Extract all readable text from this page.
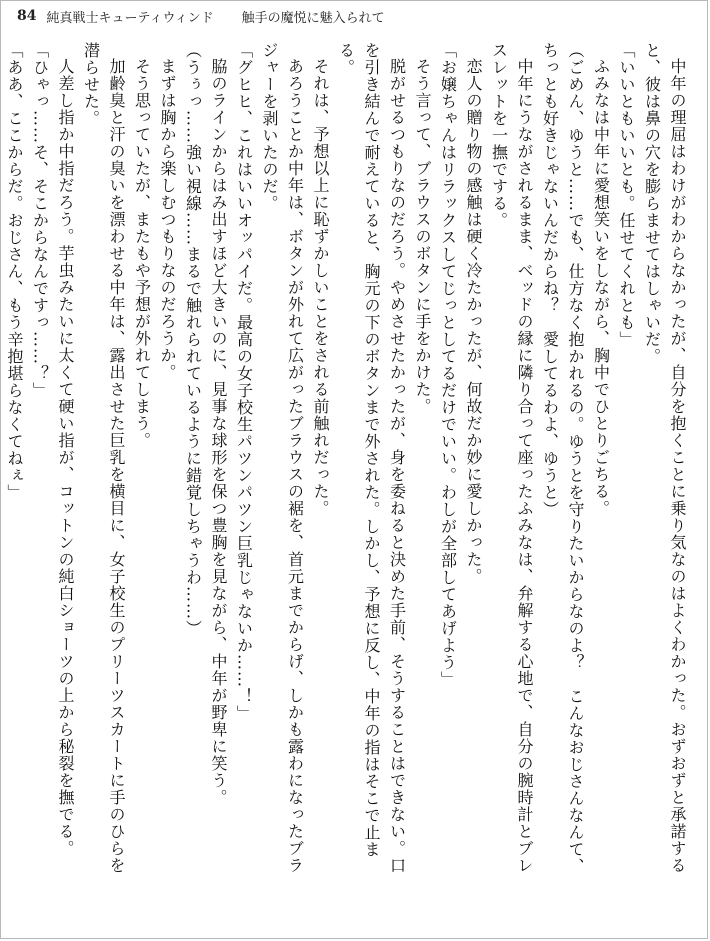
84 純真戦士キューティウィンド 触手の魔悦に魅入られて

中年の理屈はわけがわからなかったが、自分を抱くことに乗り気なのはよくわかった。おずおずと承諾すると、彼は鼻の穴を膨らませてはしゃいだ。

「いいともいいとも。任せてくれとも」

ふみなは中年に愛想笑いをしながら、胸中でひとりごちる。

（ごめん、ゆうと……でも、仕方なく抱かれるの。ゆうとを守りたいからなのよ？　こんなおじさんなんて、ちっとも好きじゃないんだからね？　愛してるわよ、ゆうと）

中年にうながされるまま、ベッドの縁に隣り合って座ったふみなは、弁解する心地で、自分の腕時計とブレスレットを一撫でする。

恋人の贈り物の感触は硬く冷たかったが、何故だか妙に愛しかった。

「お嬢ちゃんはリラックスしてじっとしてるだけでいい。わしが全部してあげよう」

そう言って、ブラウスのボタンに手をかけた。

脱がせるつもりなのだろう。やめさせたかったが、身を委ねると決めた手前、そうすることはできない。口を引き結んで耐えていると、胸元の下のボタンまで外された。しかし、予想に反し、中年の指はそこで止まる。

それは、予想以上に恥ずかしいことをされる前触れだった。

あろうことか中年は、ボタンが外れて広がったブラウスの裾を、首元までからげ、しかも露わになったブラジャーを剥いたのだ。

「グヒヒ、これはいいオッパイだ。最高の女子校生パツンパツン巨乳じゃないか……！」

脇のラインからはみ出すほど大きいのに、見事な球形を保つ豊胸を見ながら、中年が野卑に笑う。

（うぅっ……強い視線……まるで触れられているように錯覚しちゃうわ……）

まずは胸から楽しむつもりなのだろうか。

そう思っていたが、またもや予想が外れてしまう。

加齢臭と汗の臭いを漂わせる中年は、露出させた巨乳を横目に、女子校生のプリーツスカートに手のひらを潜らせた。

人差し指か中指だろう。芋虫みたいに太くて硬い指が、コットンの純白ショーツの上から秘裂を撫でる。

「ひゃっ……そ、そこからなんですっ……？」

「ああ、ここからだ。おじさん、もう辛抱堪らなくてねぇ」
